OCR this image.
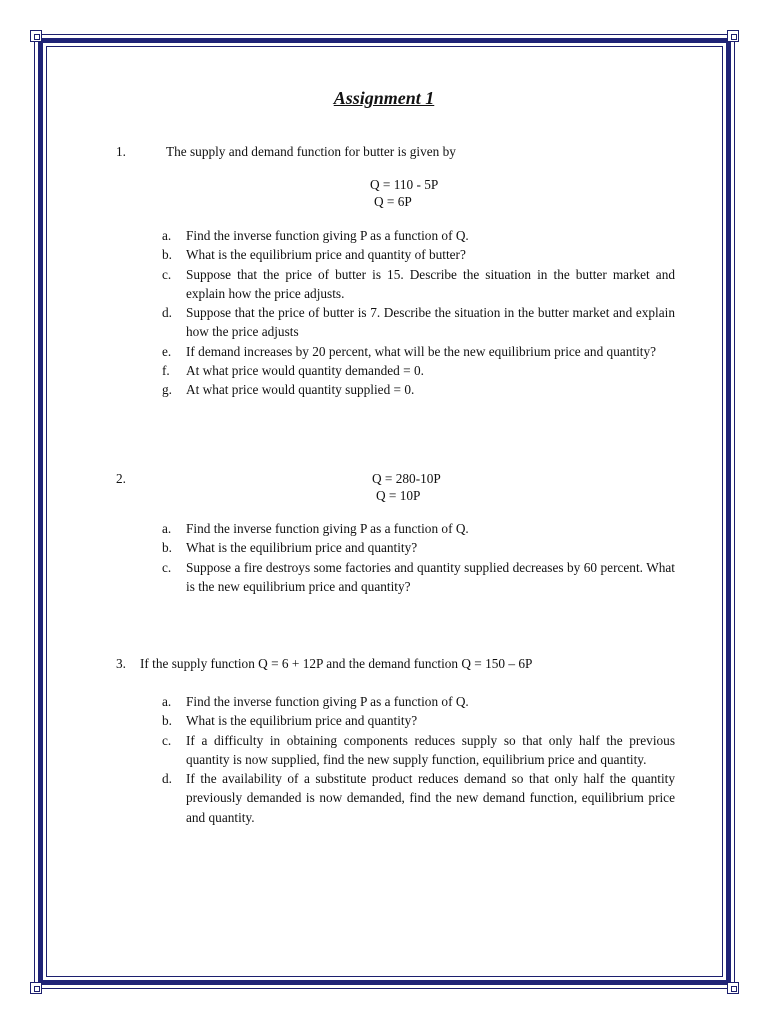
Assignment 1
1.	The supply and demand function for butter is given by
Q = 110 - 5P
Q = 6P
a.	Find the inverse function giving P as a function of Q.
b.	What is the equilibrium price and quantity of butter?
c.	Suppose that the price of butter is 15. Describe the situation in the butter market and explain how the price adjusts.
d.	Suppose that the price of butter is 7. Describe the situation in the butter market and explain how the price adjusts
e.	If demand increases by 20 percent, what will be the new equilibrium price and quantity?
f.	At what price would quantity demanded = 0.
g.	At what price would quantity supplied = 0.
2.	Q = 280-10P
Q = 10P
a.	Find the inverse function giving P as a function of Q.
b.	What is the equilibrium price and quantity?
c.	Suppose a fire destroys some factories and quantity supplied decreases by 60 percent. What is the new equilibrium price and quantity?
3. If the supply function Q = 6 + 12P and the demand function Q = 150 – 6P
a.	Find the inverse function giving P as a function of Q.
b.	What is the equilibrium price and quantity?
c.	If a difficulty in obtaining components reduces supply so that only half the previous quantity is now supplied, find the new supply function, equilibrium price and quantity.
d.	If the availability of a substitute product reduces demand so that only half the quantity previously demanded is now demanded, find the new demand function, equilibrium price and quantity.
